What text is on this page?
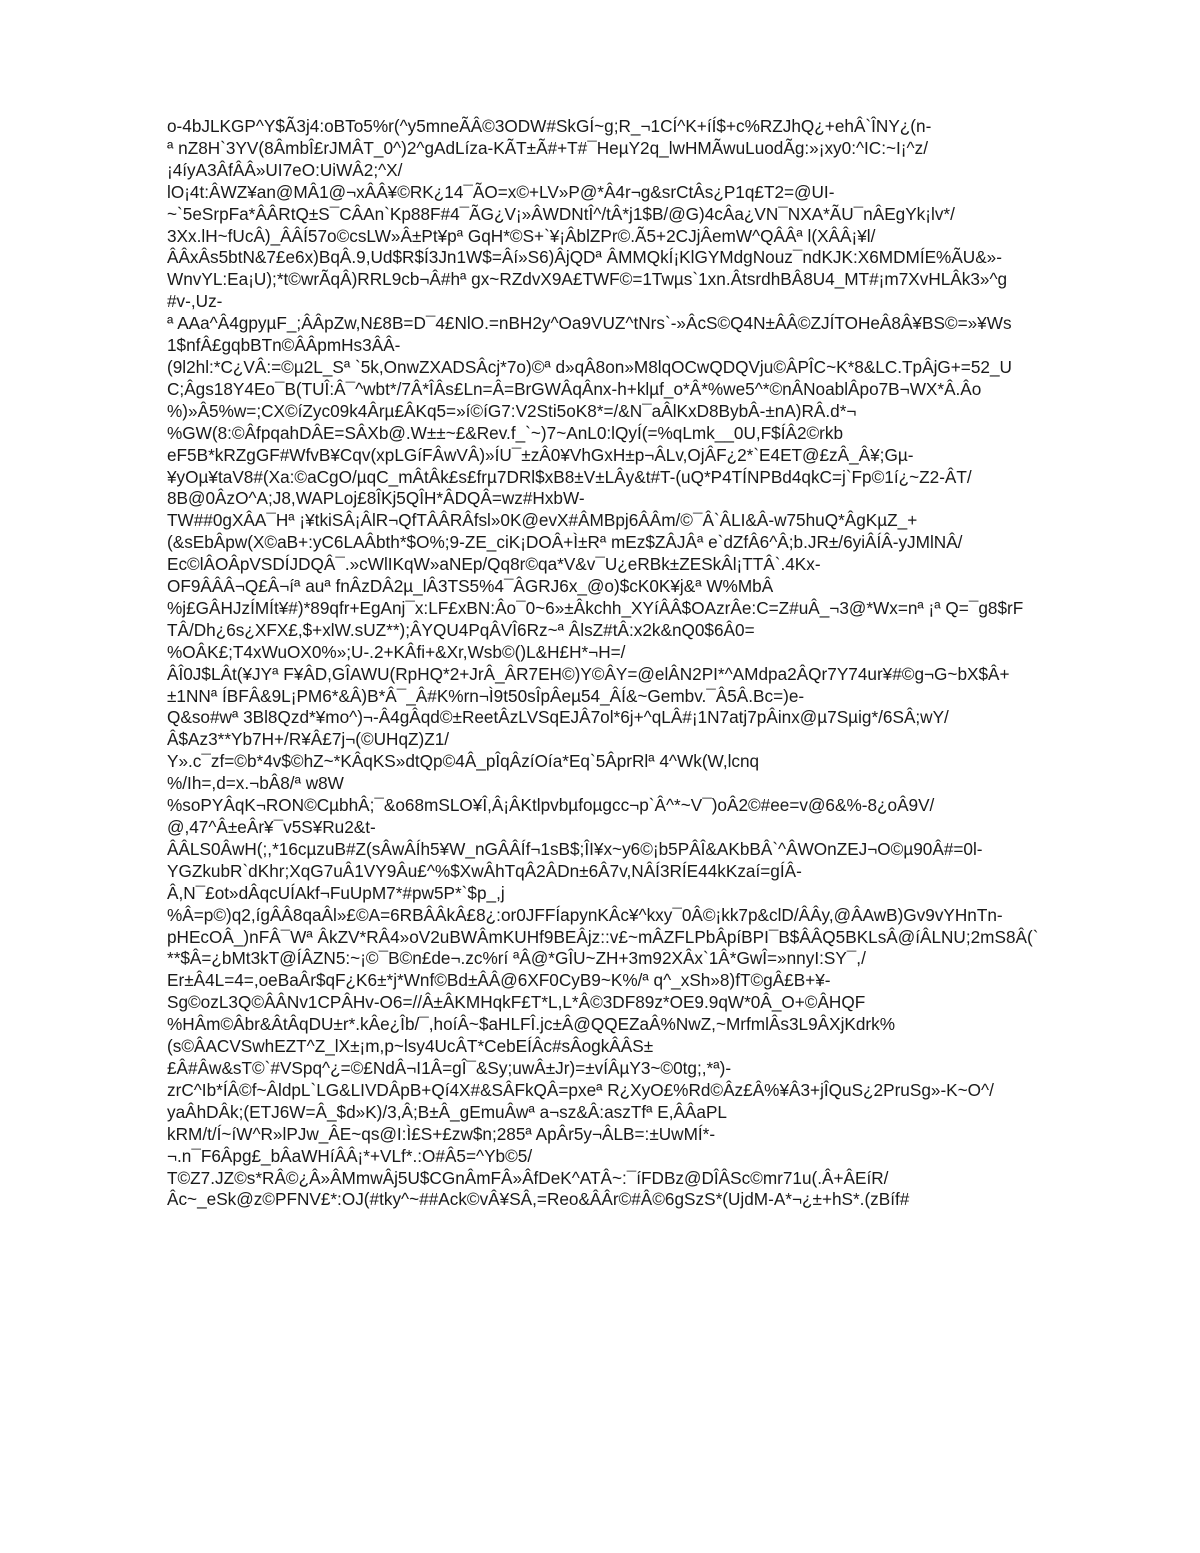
o-4bJLKGP^Y$Ã3j4:oBTo5%r(^y5mneÃÂ©3ODW#SkGÍ~g;R_¬1CÍ^K+íÍ$+c%RZJhQ¿+ehÂ`ÎNY¿(n-
ª nZ8H`3YV(8ÂmbÎ£rJMÂT_0^)2^gAdLíza-KÃT±Ã#+T#¯HeµY2q_lwHMÃwuLuodÃg:»¡xy0:^IC:~I¡^z/
¡4íyA3ÂfÂÂ»UI7eO:UiWÂ2;^X/
lO¡4t:ÂWZ¥an@MÂ1@¬xÂÂ¥©RK¿14¯ÃO=x©+LV»P@*Â4r¬g&srCtÂs¿P1q£T2=@UI-
~`5eSrpFa*ÂÂRtQ±S¯CÂAn`Kp88F#4¯ÃG¿V¡»ÂWDNtÎ^/tÂ*j1$B/@G)4cÂa¿VN¯NXA*ÃU¯nÂEgYk¡lv*/
3Xx.lH~fUcÂ)_ÂÂÍ57o©csLW»Â±Pt¥pª GqH*©S+`¥¡ÂblZPr©.Ã5+2CJjÂemW^QÂÂª l(XÂÂ¡¥l/
ÂÂxÂs5btN&7£e6x)BqÂ.9,Ud$R$Í3Jn1W$=Âí»S6)ÂjQDª ÂMMQkÍ¡KlGYMdgNouz¯ndKJK:X6MDMÍE%ÃU&»-
WnvYL:Ea¡U);*t©wrÃqÂ)RRL9cb¬Â#hª gx~RZdvX9A£TWF©=1Twµs`1xn.ÂtsrdhBÂ8U4_MT#¡m7XvHLÂk3»^g
#v-,Uz-
ª AAa^Â4gpyµF_;ÂÂpZw,N£8B=D¯4£NlO.=nBH2y^Oa9VUZ^tNrs`-»ÂcS©Q4N±ÂÂ©ZJÍTOHeÂ8Â¥BS©=»¥Ws
1$nfÂ£gqbBTn©ÂÂpmHs3ÂÂ-
(9l2hl:*C¿VÂ:=©µ2L_Sª `5k,OnwZXADSÂcj*7o)©ª d»qÂ8on»M8lqOCwQDQVju©ÂPÎC~K*8&LC.TpÂjG+=52_U
C;Âgs18Y4Eo¯B(TUÎ:Â¯^wbt*/7Â*ÎÂs£Ln=Â=BrGWÂqÂnx-h+klµf_o*Â*%we5^*©nÂNoablÂpo7B¬WX*Â.Âo
%)»Â5%w=;CX©íZyc09k4Ârµ£ÂKq5=»í©íG7:V2Sti5oK8*=/&N¯aÂlKxD8BybÂ-±nA)RÂ.d*¬
%GW(8:©ÂfpqahDÂE=SÂXb@.W±±~£&Rev.f_`~)7~AnL0:lQyÍ(=%qLmk__0U,F$ÍÂ2©rkb
eF5B*kRZgGF#WfvB¥Cqv(xpLGíFÂwVÂ)»ÍU¯±zÂ0¥VhGxH±p¬ÂLv,OjÂF¿2*`E4ET@£zÂ_Â¥;Gµ-
¥yOµ¥taV8#(Xa:©aCgO/µqC_mÂtÂk£s£frµ7DRl$xB8±V±LÂy&t#T-(uQ*P4TÍNPBd4qkC=j`Fp©1í¿~Z2-ÂT/
8B@0ÂzO^A;J8,WAPLoj£8ÎKj5QÎH*ÂDQÂ=wz#HxbW-
TW##0gXÂA¯Hª ¡¥tkiSÂ¡ÂlR¬QfTÂÂRÂfsl»0K@evX#ÂMBpj6ÂÂm/©¯Â`ÂLI&Â-w75huQ*ÂgKµZ_+
(&sEbÂpw(X©aB+:yC6LAÂbth*$O%;9-ZE_ciK¡DOÂ+Ì±Rª mEz$ZÂJÂª e`dZfÂ6^Â;b.JR±/6yiÂÍÂ-yJMlNÂ/
Ec©lÂOÂpVSDÍJDQÂ¯.»cWlIKqW»aNEp/Qq8r©qa*V&v¯U¿eRBk±ZESkÂl¡TTÂ`.4Kx-
OF9ÂÂÂ¬Q£Â¬íª auª fnÂzDÂ2µ_lÂ3TS5%4¯ÂGRJ6x_@o)$cK0K¥j&ª W%MbÂ
%j£GÂHJzÍMÍt¥#)*89qfr+EgAnj¯x:LF£xBN:Âo¯0~6»±Âkchh_XYíÂÂ$OAzrÂe:C=Z#uÂ_¬3@*Wx=nª ¡ª Q=¯g8$rF
TÂ/Dh¿6s¿XFX£,$+xlW.sUZ**);ÂYQU4PqÂVÎ6Rz~ª ÂlsZ#tÂ:x2k&nQ0$6Â0=
%OÂK£;T4xWuOX0%»;U-.2+KÂfi+&Xr,Wsb©()L&H£H*¬H=/
ÂÎ0J$LÂt(¥JYª F¥ÂD,GÎAWU(RpHQ*2+JrÂ_ÂR7EH©)Y©ÂY=@elÂN2PI*^AMdpa2ÂQr7Y74ur¥#©g¬G~bX$Â+
±1NNª ÍBFÂ&9L¡PM6*&Â)B*Â¯_Â#K%rn¬Ì9t50sÎpÂeµ54_ÂÍ&~Gembv.¯Â5Â.Bc=)e-
Q&so#wª 3Bl8Qzd*¥mo^)¬-Â4gÂqd©±ReetÂzLVSqEJÂ7ol*6j+^qLÂ#¡1N7atj7pÂinx@µ7Sµig*/6SÂ;wY/
Â$Az3**Yb7H+/R¥Â£7j¬(©UHqZ)Z1/
Y».c¯zf=©b*4v$©hZ~*KÂqKS»dtQp©4Â_pÎqÂzíOía*Eq`5ÂprRlª 4^Wk(W,lcnq
%/Ih=,d=x.¬bÂ8/ª w8W
%soPYÂqK¬RON©CµbhÂ;¯&o68mSLO¥Î,Â¡ÂKtlpvbµfoµgcc¬p`Â^*~V¯)oÂ2©#ee=v@6&%-8¿oÂ9V/
@,47^Â±eÂr¥¯v5S¥Ru2&t-
ÂÂLS0ÂwH(;,*16cµzuB#Z(sÂwÂÍh5¥W_nGÂÂÍf¬1sB$;ÎI¥x~y6©¡b5PÂÎ&AKbBÂ`^ÂWOnZEJ¬O©µ90Â#=0l-
YGZkubR`dKhr;XqG7uÂ1VY9Âu£^%$XwÂhTqÂ2ÂDn±6Â7v,NÂÍ3RÍE44kKzaí=gÍÂ-
Â,N¯£ot»dÂqcUÍAkf¬FuUpM7*#pw5P*`$p_,j
%Â=p©)q2,ígÂÂ8qaÂl»£©A=6RBÂÂkÂ£8¿:or0JFFÍapynKÂc¥^kxy¯0Â©¡kk7p&clD/ÂÂy,@ÂAwB)Gv9vYHnTn-
pHEcOÂ_)nFÂ¯Wª ÂkZV*RÂ4»oV2uBWÂmKUHf9BEÂjz::v£~mÂZFLPbÂpíBPI¯B$ÂÂQ5BKLsÂ@íÂLNU;2mS8Â(`
**$Â=¿bMt3kT@ÍÂZN5:~¡©¯B©n£de¬.zc%rí ªÂ@*GÎU~ZH+3m92XÂx`1Â*GwÎ=»nnyI:SY¯,/
Er±Â4L=4=,oeBaÂr$qF¿K6±*j*Wnf©Bd±ÂÂ@6XF0CyB9~K%/ª q^_xSh»8)fT©gÂ£B+¥-
Sg©ozL3Q©ÂÂNv1CPÂHv-O6=//Â±ÂKMHqkF£T*L,L*Â©3DF89z*OE9.9qW*0Â_O+©ÂHQF
%HÂm©Âbr&ÂtÂqDU±r*.kÂe¿Îb/¯,hoíÂ~$aHLFÎ.jc±Â@QQEZaÂ%NwZ,~MrfmlÂs3L9ÂXjKdrk%
(s©ÂACVSwhEZT^Z_lX±¡m,p~lsy4UcÂT*CebEÍÂc#sÂogkÂÂS±
£Â#Âw&sT©`#VSpq^¿=©£NdÂ¬I1Â=gÎ¯&Sy;uwÂ±Jr)=±vÍÂµY3~©0tg;,*ª)-
zrC^Ib*ÍÂ©f~ÂldpL`LG&LIVDÂpB+Qí4X#&SÂFkQÂ=pxeª R¿XyO£%Rd©Âz£Â%¥Â3+jÎQuS¿2PruSg»-K~O^/
yaÂhDÂk;(ETJ6W=Â_$d»K)/3,Â;B±Â_gEmuÂwª a¬sz&Â:aszTfª E,ÂÂaPL
kRM/t/Í~íW^R»lPJw_ÂE~qs@I:Ì£S+£zw$n;285ª ApÂr5y¬ÂLB=:±UwMÍ*-
¬.n¯F6Âpg£_bÂaWHíÂÂ¡*+VLf*.:O#Â5=^Yb©5/
T©Z7.JZ©s*RÂ©¿Â»ÂMmwÂj5U$CGnÂmFÂ»ÂfDeK^ATÂ~:¯íFDBz@DÎÂSc©mr71u(.Â+ÂEíR/
Âc~_eSk@z©PFNV£*:OJ(#tky^~##Ack©vÂ¥SÂ,=Reo&ÂÂr©#Â©6gSzS*(UjdM-A*¬¿±+hS*.(zBíf#
